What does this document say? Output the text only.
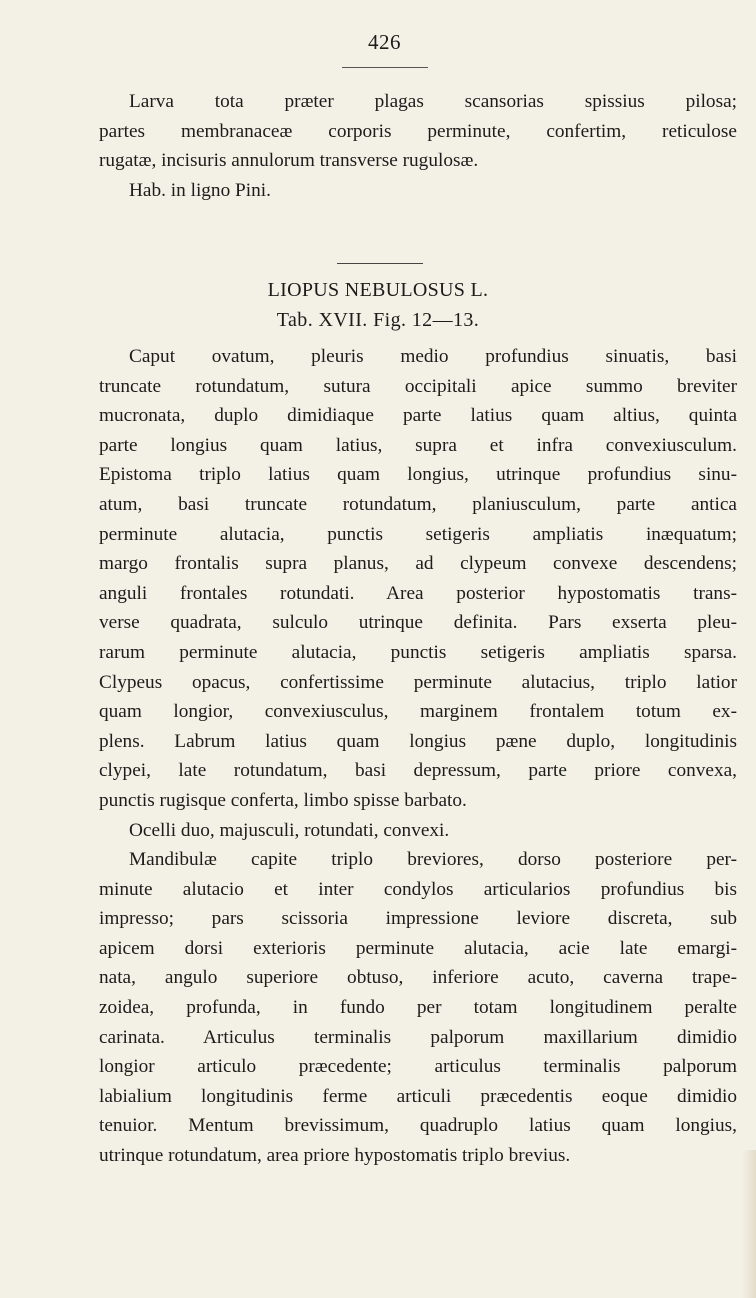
426
Larva tota præter plagas scansorias spissius pilosa;
partes membranaceæ corporis perminute, confertim, reticulose
rugatæ, incisuris annulorum transverse rugulosæ.
Hab. in ligno Pini.
LIOPUS NEBULOSUS L.
Tab. XVII. Fig. 12—13.
Caput ovatum, pleuris medio profundius sinuatis, basi
truncate rotundatum, sutura occipitali apice summo breviter
mucronata, duplo dimidiaque parte latius quam altius, quinta
parte longius quam latius, supra et infra convexiusculum.
Epistoma triplo latius quam longius, utrinque profundius sinu-
atum, basi truncate rotundatum, planiusculum, parte antica
perminute alutacia, punctis setigeris ampliatis inæquatum;
margo frontalis supra planus, ad clypeum convexe descendens;
anguli frontales rotundati. Area posterior hypostomatis trans-
verse quadrata, sulculo utrinque definita. Pars exserta pleu-
rarum perminute alutacia, punctis setigeris ampliatis sparsa.
Clypeus opacus, confertissime perminute alutacius, triplo latior
quam longior, convexiusculus, marginem frontalem totum ex-
plens. Labrum latius quam longius pæne duplo, longitudinis
clypei, late rotundatum, basi depressum, parte priore convexa,
punctis rugisque conferta, limbo spisse barbato.
Ocelli duo, majusculi, rotundati, convexi.
Mandibulæ capite triplo breviores, dorso posteriore per-
minute alutacio et inter condylos articularios profundius bis
impresso; pars scissoria impressione leviore discreta, sub
apicem dorsi exterioris perminute alutacia, acie late emargi-
nata, angulo superiore obtuso, inferiore acuto, caverna trape-
zoidea, profunda, in fundo per totam longitudinem peralte
carinata. Articulus terminalis palporum maxillarium dimidio
longior articulo præcedente; articulus terminalis palporum
labialium longitudinis ferme articuli præcedentis eoque dimidio
tenuior. Mentum brevissimum, quadruplo latius quam longius,
utrinque rotundatum, area priore hypostomatis triplo brevius.
